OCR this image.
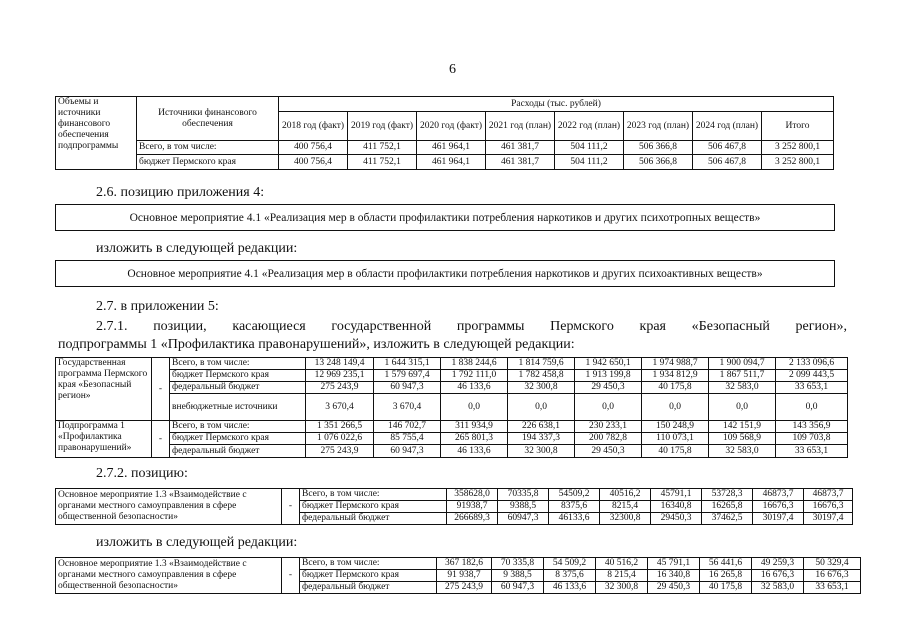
6
Объемы и источники финансового обеспечения подпрограммы	Источники финансового обеспечения	Расходы (тыс. рублей)							
		2018 год (факт)	2019 год (факт)	2020 год (факт)	2021 год (план)	2022 год (план)	2023 год (план)	2024 год (план)	Итого
	Всего, в том числе:	400 756,4	411 752,1	461 964,1	461 381,7	504 111,2	506 366,8	506 467,8	3 252 800,1
	бюджет Пермского края	400 756,4	411 752,1	461 964,1	461 381,7	504 111,2	506 366,8	506 467,8	3 252 800,1
2.6. позицию приложения 4:
Основное мероприятие 4.1 «Реализация мер в области профилактики потребления наркотиков и других психотропных веществ»
изложить в следующей редакции:
Основное мероприятие 4.1 «Реализация мер в области профилактики потребления наркотиков и других психоактивных веществ»
2.7. в приложении 5:
2.7.1. позиции, касающиеся государственной программы Пермского края «Безопасный регион»,
подпрограммы 1 «Профилактика правонарушений», изложить в следующей редакции:
Государственная программа Пермского края «Безопасный регион»	-	Всего, в том числе:	13 248 149,4	1 644 315,1	1 838 244,6	1 814 759,6	1 942 650,1	1 974 988,7	1 900 094,7	2 133 096,6
		бюджет Пермского края	12 969 235,1	1 579 697,4	1 792 111,0	1 782 458,8	1 913 199,8	1 934 812,9	1 867 511,7	2 099 443,5
		федеральный бюджет	275 243,9	60 947,3	46 133,6	32 300,8	29 450,3	40 175,8	32 583,0	33 653,1
		внебюджетные источники	3 670,4	3 670,4	0,0	0,0	0,0	0,0	0,0	0,0
Подпрограмма 1 «Профилактика правонарушений»	-	Всего, в том числе:	1 351 266,5	146 702,7	311 934,9	226 638,1	230 233,1	150 248,9	142 151,9	143 356,9
		бюджет Пермского края	1 076 022,6	85 755,4	265 801,3	194 337,3	200 782,8	110 073,1	109 568,9	109 703,8
		федеральный бюджет	275 243,9	60 947,3	46 133,6	32 300,8	29 450,3	40 175,8	32 583,0	33 653,1
2.7.2. позицию:
Основное мероприятие 1.3 «Взаимодействие с органами местного самоуправления в сфере общественной безопасности»	-	Всего, в том числе:	358628,0	70335,8	54509,2	40516,2	45791,1	53728,3	46873,7	46873,7
		бюджет Пермского края	91938,7	9388,5	8375,6	8215,4	16340,8	16265,8	16676,3	16676,3
		федеральный бюджет	266689,3	60947,3	46133,6	32300,8	29450,3	37462,5	30197,4	30197,4
изложить в следующей редакции:
Основное мероприятие 1.3 «Взаимодействие с органами местного самоуправления в сфере общественной безопасности»	-	Всего, в том числе:	367 182,6	70 335,8	54 509,2	40 516,2	45 791,1	56 441,6	49 259,3	50 329,4
		бюджет Пермского края	91 938,7	9 388,5	8 375,6	8 215,4	16 340,8	16 265,8	16 676,3	16 676,3
		федеральный бюджет	275 243,9	60 947,3	46 133,6	32 300,8	29 450,3	40 175,8	32 583,0	33 653,1
